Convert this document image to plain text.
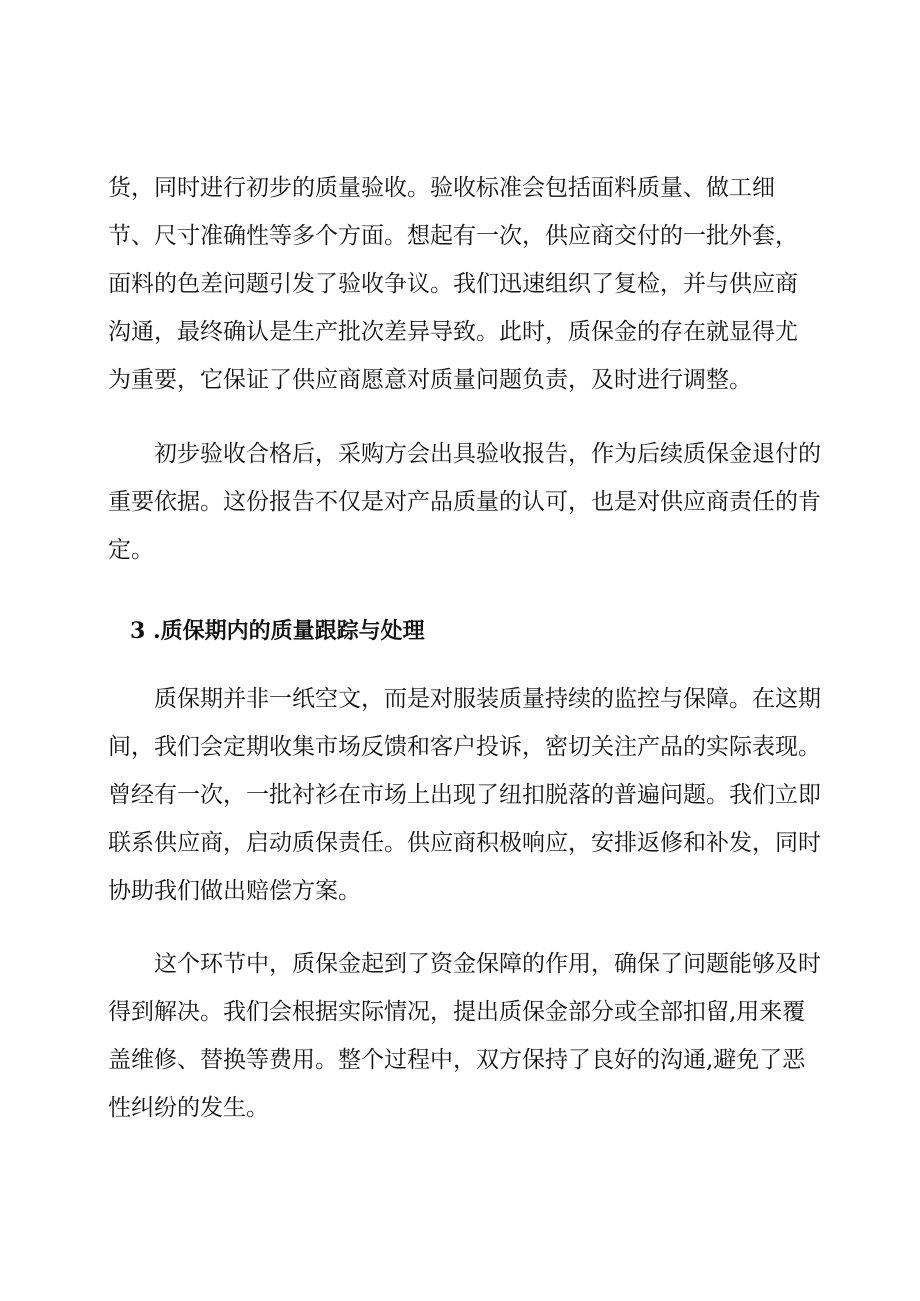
货，同时进行初步的质量验收。验收标准会包括面料质量、做工细
节、尺寸准确性等多个方面。想起有一次，供应商交付的一批外套，
面料的色差问题引发了验收争议。我们迅速组织了复检，并与供应商
沟通，最终确认是生产批次差异导致。此时，质保金的存在就显得尤
为重要，它保证了供应商愿意对质量问题负责，及时进行调整。
初步验收合格后，采购方会出具验收报告，作为后续质保金退付的
重要依据。这份报告不仅是对产品质量的认可，也是对供应商责任的肯
定。
3 .质保期内的质量跟踪与处理
质保期并非一纸空文，而是对服装质量持续的监控与保障。在这期
间，我们会定期收集市场反馈和客户投诉，密切关注产品的实际表现。
曾经有一次，一批衬衫在市场上出现了纽扣脱落的普遍问题。我们立即
联系供应商，启动质保责任。供应商积极响应，安排返修和补发，同时
协助我们做出赔偿方案。
这个环节中，质保金起到了资金保障的作用，确保了问题能够及时
得到解决。我们会根据实际情况，提出质保金部分或全部扣留,用来覆
盖维修、替换等费用。整个过程中，双方保持了良好的沟通,避免了恶
性纠纷的发生。
